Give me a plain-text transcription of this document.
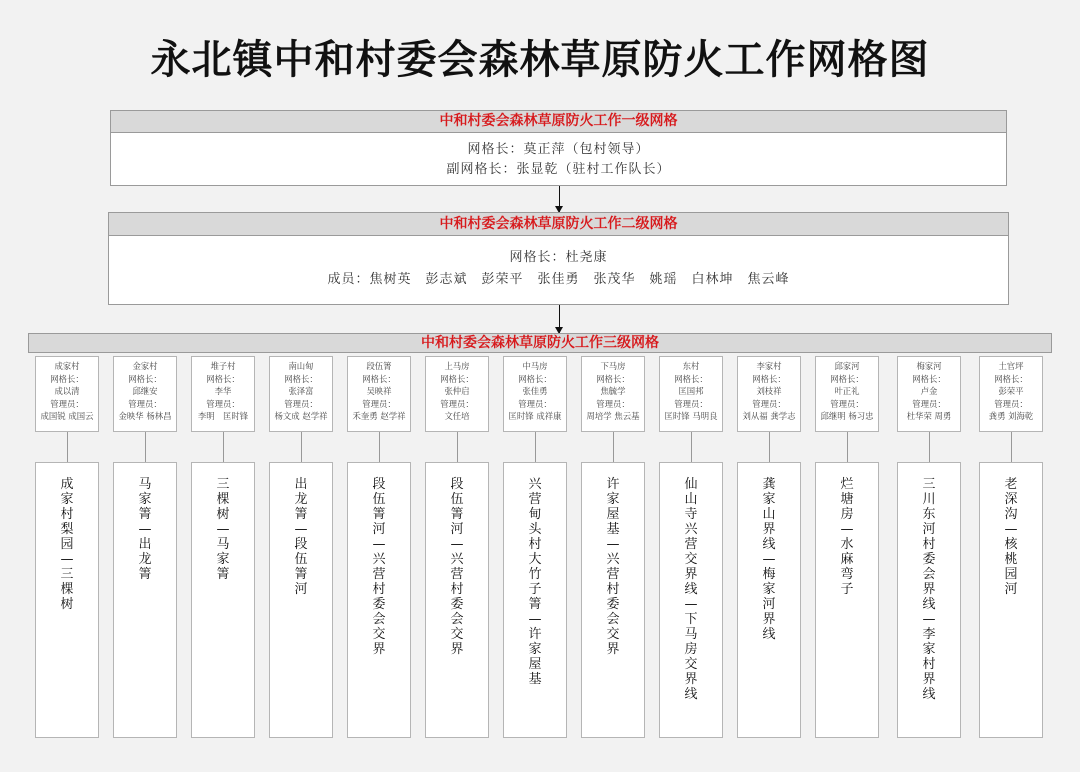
永北镇中和村委会森林草原防火工作网格图
中和村委会森林草原防火工作一级网格
网格长：莫正萍（包村领导）
副网格长：张显乾（驻村工作队长）
中和村委会森林草原防火工作二级网格
网格长：杜尧康
成员：焦树英　彭志斌　彭荣平　张佳勇　张茂华　姚瑶　白林坤　焦云峰
中和村委会森林草原防火工作三级网格
成家村
网格长：
成以清
管理员：
成国锐 成国云
成家村梨园—三棵树
金家村
网格长：
邱继安
管理员：
金映华 杨林昌
马家箐—出龙箐
堆子村
网格长：
李华
管理员：
李明　匡时锋
三棵树—马家箐
南山甸
网格长：
张泽富
管理员：
杨文成 赵学祥
出龙箐—段伍箐河
段伍箐
网格长：
吴映祥
管理员：
禾奎勇 赵学祥
段伍箐河—兴营村委会交界
上马房
网格长：
张仲启
管理员：
文任培
段伍箐河—兴营村委会交界
中马房
网格长：
张佳勇
管理员：
匡时锋 成祥康
兴营甸头村大竹子箐—许家屋基
下马房
网格长：
焦毓学
管理员：
周培学 焦云基
许家屋基—兴营村委会交界
东村
网格长：
匡国邦
管理员：
匡时锋 马明良
仙山寺兴营交界线—下马房交界线
李家村
网格长：
刘枝祥
管理员：
刘从福 龚学志
龚家山界线—梅家河界线
邱家河
网格长：
叶正礼
管理员：
邱继明 杨习忠
烂塘房—水麻弯子
梅家河
网格长：
卢金
管理员：
杜华荣 周勇
三川东河村委会界线—李家村界线
土官坪
网格长：
彭荣平
管理员：
龚勇 刘海乾
老深沟—核桃园河
